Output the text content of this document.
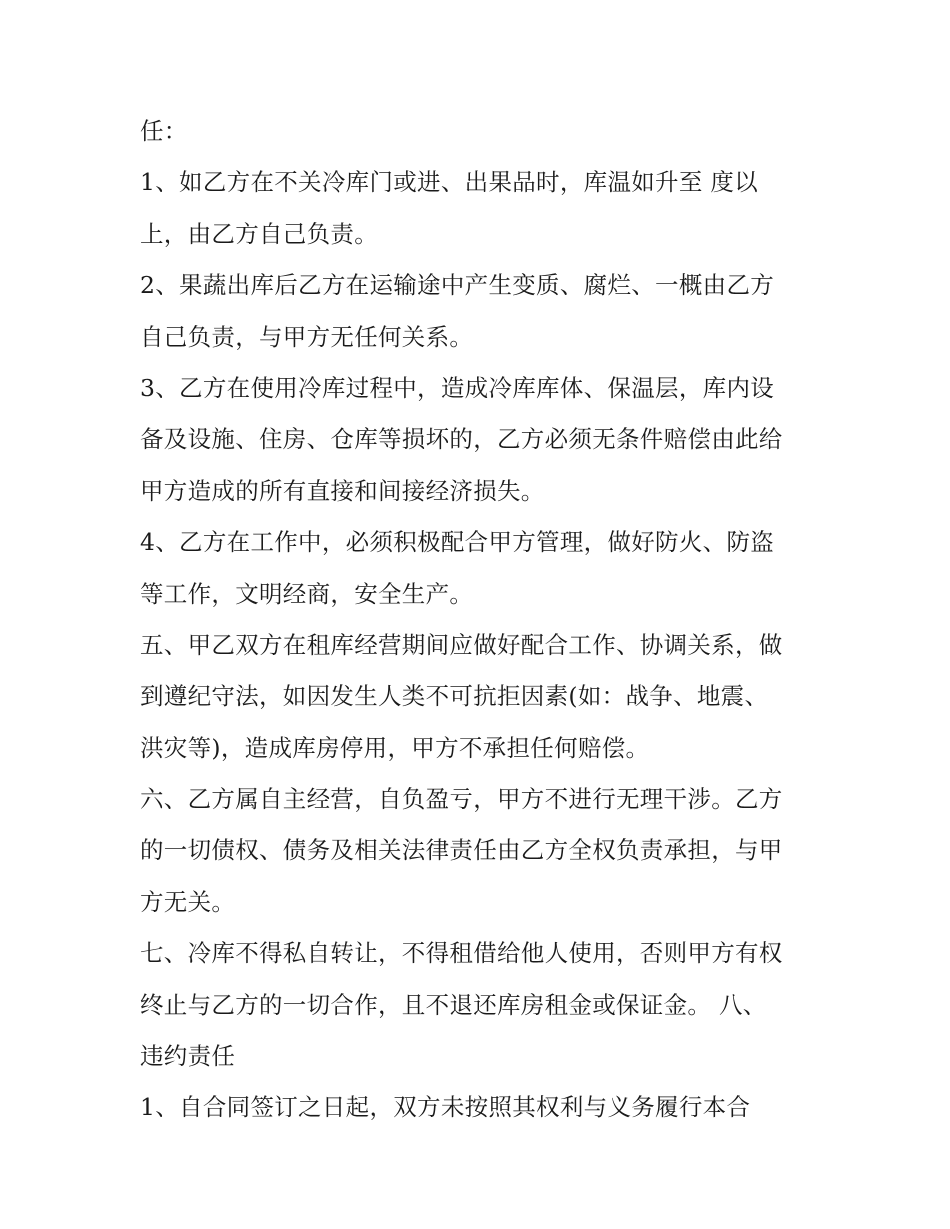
任：
1、如乙方在不关冷库门或进、出果品时，库温如升至 度以
上，由乙方自己负责。
2、果蔬出库后乙方在运输途中产生变质、腐烂、一概由乙方
自己负责，与甲方无任何关系。
3、乙方在使用冷库过程中，造成冷库库体、保温层，库内设
备及设施、住房、仓库等损坏的，乙方必须无条件赔偿由此给
甲方造成的所有直接和间接经济损失。
4、乙方在工作中，必须积极配合甲方管理，做好防火、防盗
等工作，文明经商，安全生产。
五、甲乙双方在租库经营期间应做好配合工作、协调关系，做
到遵纪守法，如因发生人类不可抗拒因素(如：战争、地震、
洪灾等)，造成库房停用，甲方不承担任何赔偿。
六、乙方属自主经营，自负盈亏，甲方不进行无理干涉。乙方
的一切债权、债务及相关法律责任由乙方全权负责承担，与甲
方无关。
七、冷库不得私自转让，不得租借给他人使用，否则甲方有权
终止与乙方的一切合作，且不退还库房租金或保证金。 八、
违约责任
1、自合同签订之日起，双方未按照其权利与义务履行本合
